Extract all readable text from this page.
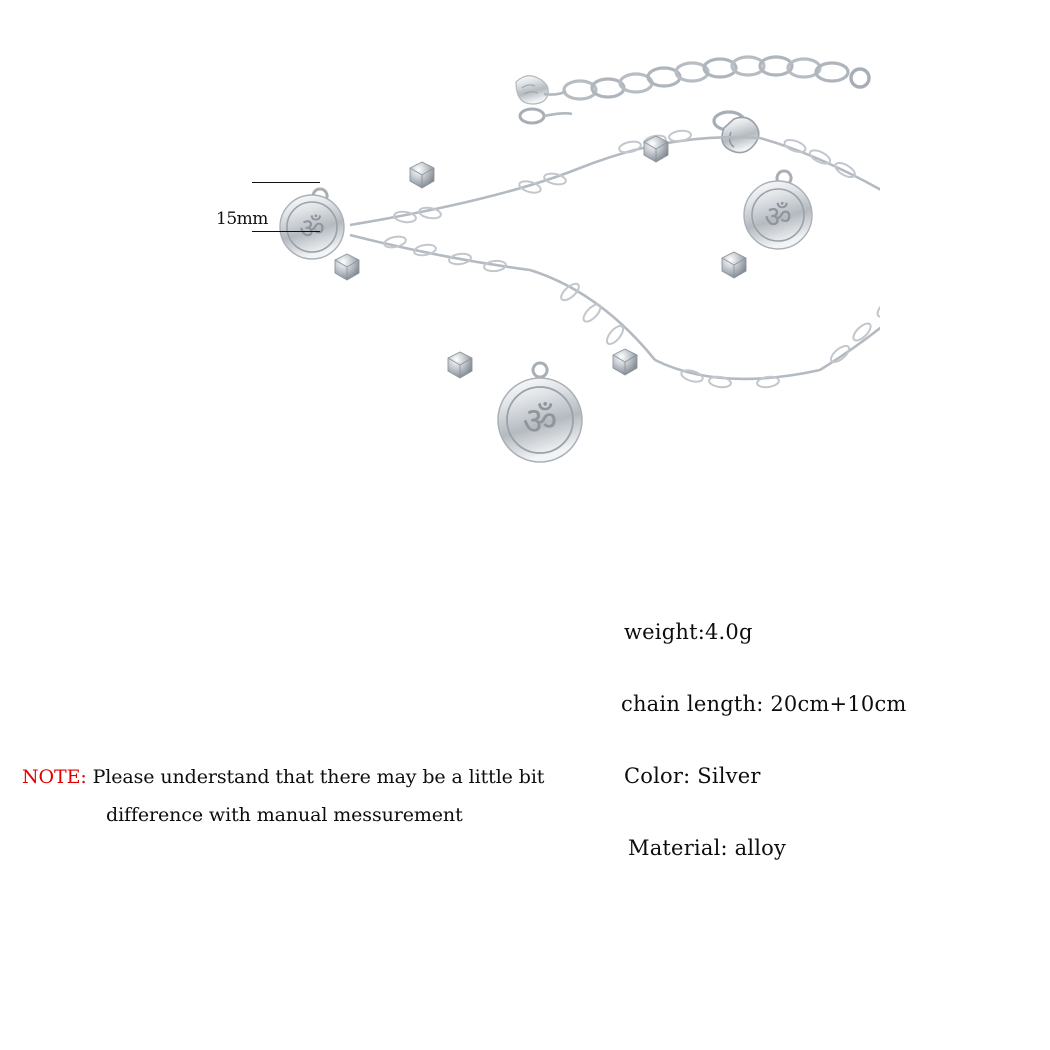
ॐ	ॐ
ॐ
15mm
weight:4.0g
chain length: 20cm+10cm
Color: Silver
Material: alloy
NOTE: Please understand that there may be a little bit
difference with manual messurement
